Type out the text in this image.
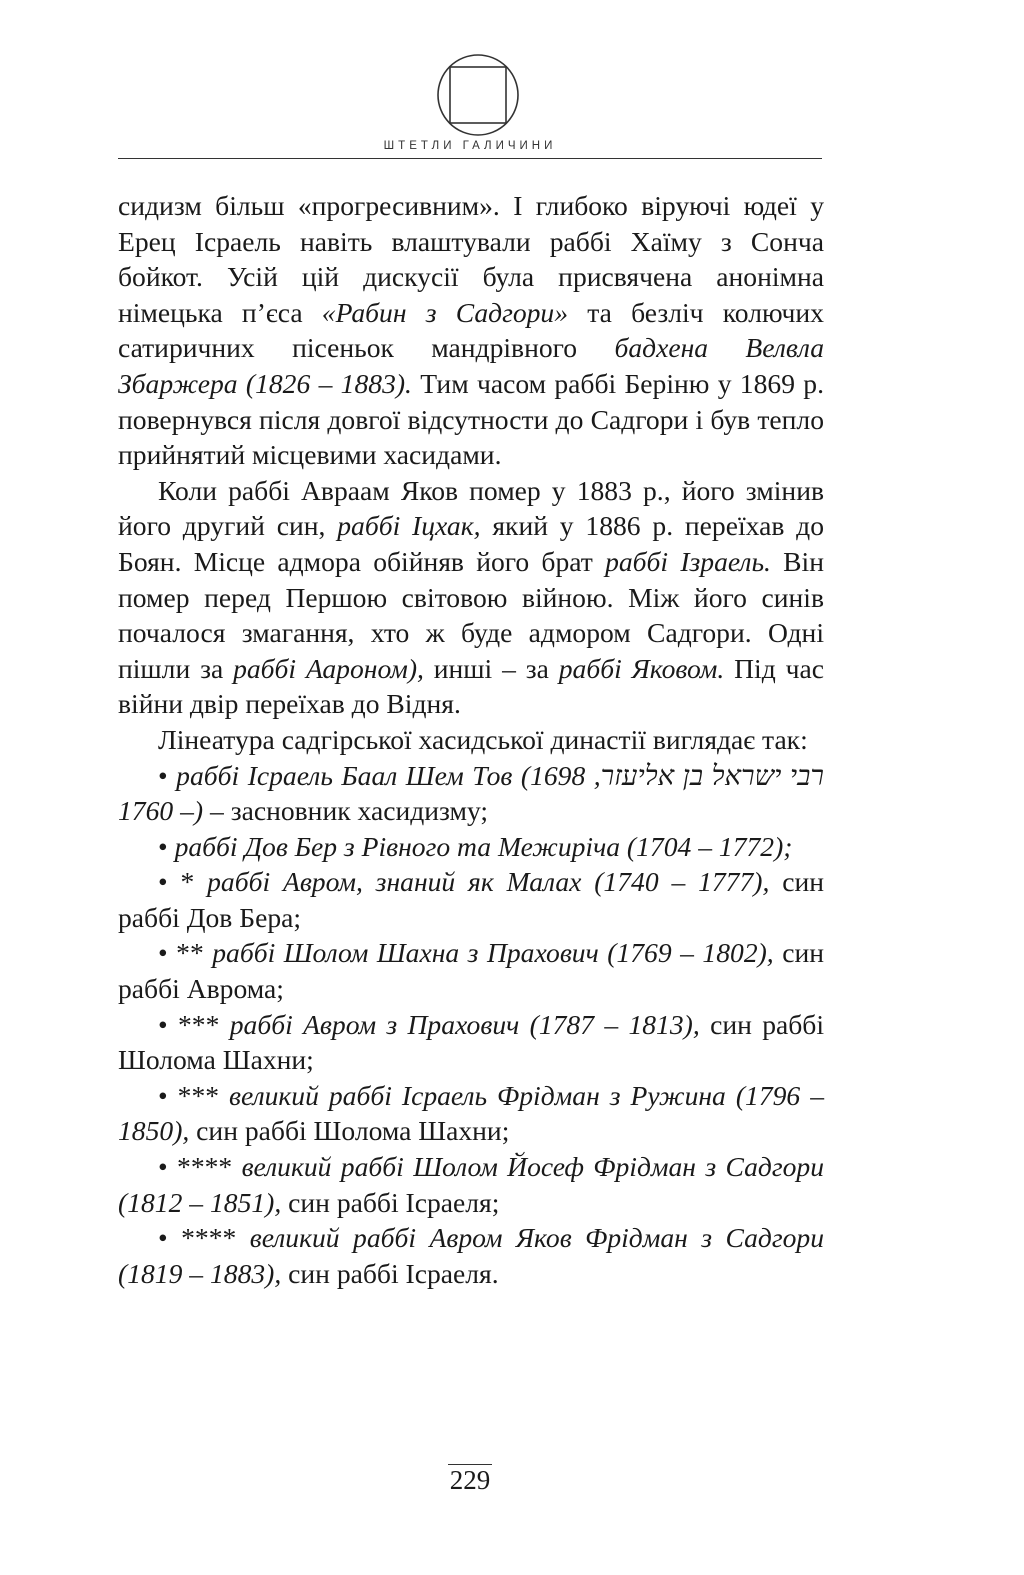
ШТЕТЛИ ГАЛИЧИНИ

сидизм більш «прогресивним». І глибоко віруючі юдеї у Ерец Ісраель навіть влаштували раббі Хаїму з Сонча бойкот. Усій цій дискусії була присвячена анонімна німецька п’єса «Рабин з Садгори» та безліч колючих сатиричних пісеньок мандрівного бадхена Велвла Збаржера (1826 – 1883). Тим часом раббі Беріню у 1869 р. повернувся після довгої відсутности до Садгори і був тепло прийнятий місцевими хасидами.

Коли раббі Авраам Яков помер у 1883 р., його змінив його другий син, раббі Іцхак, який у 1886 р. переїхав до Боян. Місце адмора обійняв його брат раббі Ізраель. Він помер перед Першою світовою війною. Між його синів почалося змагання, хто ж буде адмором Садгори. Одні пішли за раббі Аароном), инші – за раббі Яковом. Під час війни двір переїхав до Відня.

Лінеатура садгірської хасидської династії виглядає так:

• раббі Ісраель Баал Шем Тов (רבי ישראל בן אליעזר, 1698 – 1760) – засновник хасидизму;

• раббі Дов Бер з Рівного та Межиріча (1704 – 1772);

• * раббі Авром, знаний як Малах (1740 – 1777), син раббі Дов Бера;

• ** раббі Шолом Шахна з Прахович (1769 – 1802), син раббі Аврома;

• *** раббі Авром з Прахович (1787 – 1813), син раббі Шолома Шахни;

• *** великий раббі Ісраель Фрідман з Ружина (1796 – 1850), син раббі Шолома Шахни;

• **** великий раббі Шолом Йосеф Фрідман з Садгори (1812 – 1851), син раббі Ісраеля;

• **** великий раббі Авром Яков Фрідман з Садгори (1819 – 1883), син раббі Ісраеля.

229
